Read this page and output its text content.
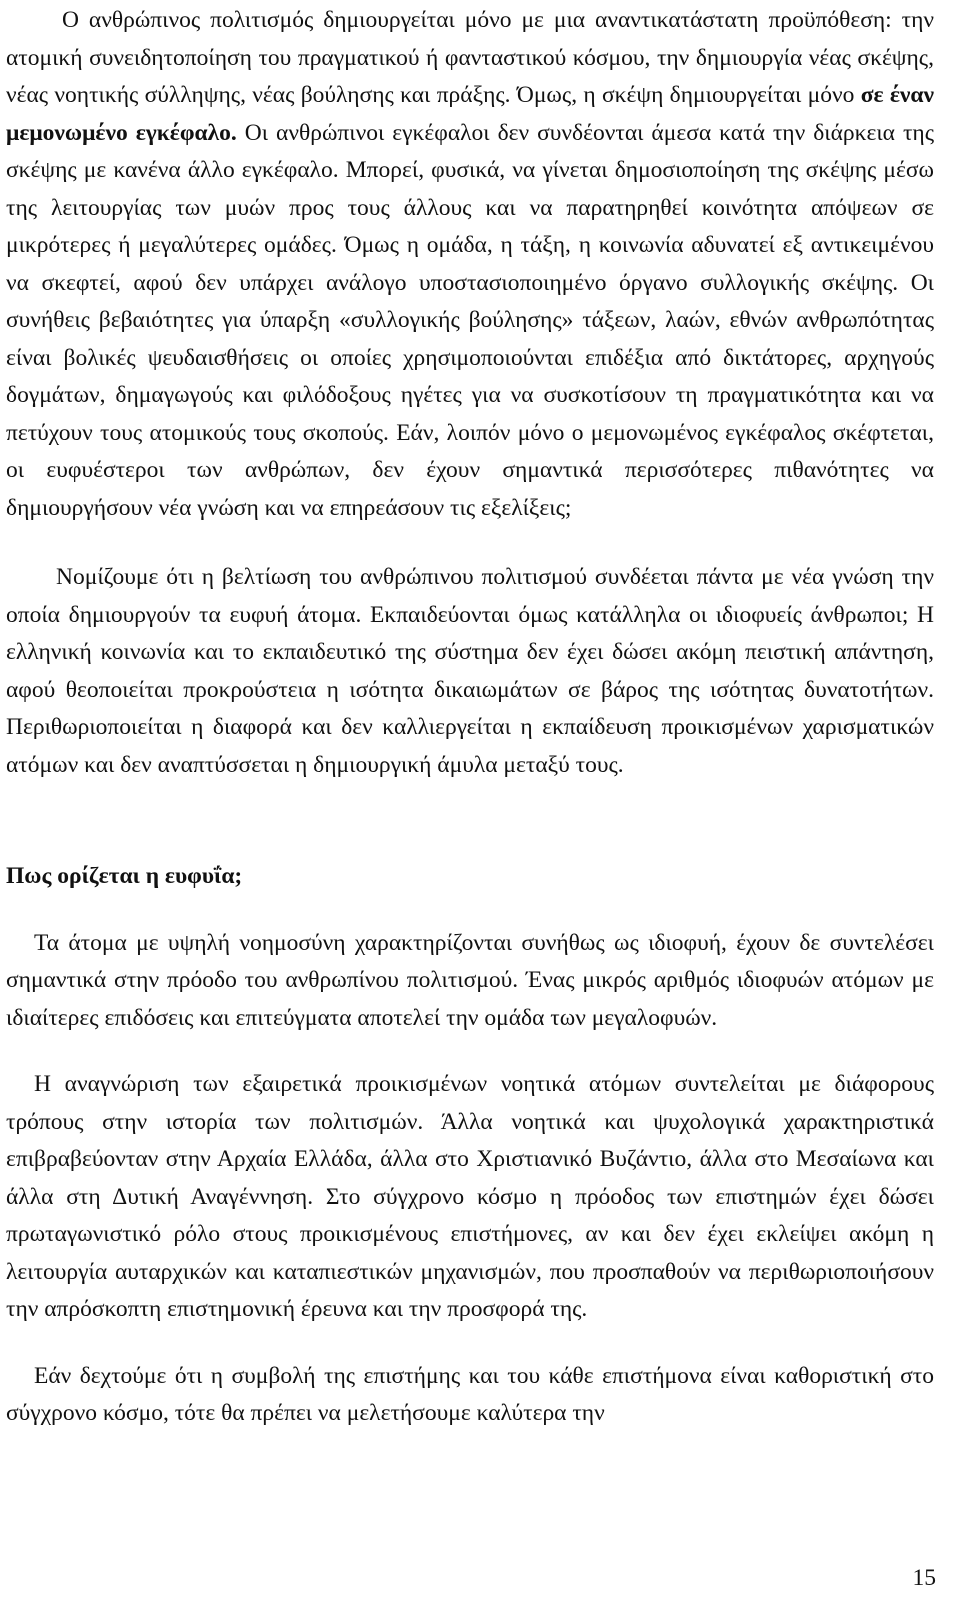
Ο ανθρώπινος πολιτισμός δημιουργείται μόνο με μια αναντικατάστατη προϋπόθεση: την ατομική συνειδητοποίηση του πραγματικού ή φανταστικού κόσμου, την δημιουργία νέας σκέψης, νέας νοητικής σύλληψης, νέας βούλησης και πράξης. Όμως, η σκέψη δημιουργείται μόνο σε έναν μεμονωμένο εγκέφαλο. Οι ανθρώπινοι εγκέφαλοι δεν συνδέονται άμεσα κατά την διάρκεια της σκέψης με κανένα άλλο εγκέφαλο. Μπορεί, φυσικά, να γίνεται δημοσιοποίηση της σκέψης μέσω της λειτουργίας των μυών προς τους άλλους και να παρατηρηθεί κοινότητα απόψεων σε μικρότερες ή μεγαλύτερες ομάδες. Όμως η ομάδα, η τάξη, η κοινωνία αδυνατεί εξ αντικειμένου να σκεφτεί, αφού δεν υπάρχει ανάλογο υποστασιοποιημένο όργανο συλλογικής σκέψης. Οι συνήθεις βεβαιότητες για ύπαρξη «συλλογικής βούλησης» τάξεων, λαών, εθνών ανθρωπότητας είναι βολικές ψευδαισθήσεις οι οποίες χρησιμοποιούνται επιδέξια από δικτάτορες, αρχηγούς δογμάτων, δημαγωγούς και φιλόδοξους ηγέτες για να συσκοτίσουν τη πραγματικότητα και να πετύχουν τους ατομικούς τους σκοπούς. Εάν, λοιπόν μόνο ο μεμονωμένος εγκέφαλος σκέφτεται, οι ευφυέστεροι των ανθρώπων, δεν έχουν σημαντικά περισσότερες πιθανότητες να δημιουργήσουν νέα γνώση και να επηρεάσουν τις εξελίξεις;

Νομίζουμε ότι η βελτίωση του ανθρώπινου πολιτισμού συνδέεται πάντα με νέα γνώση την οποία δημιουργούν τα ευφυή άτομα. Εκπαιδεύονται όμως κατάλληλα οι ιδιοφυείς άνθρωποι; Η ελληνική κοινωνία και το εκπαιδευτικό της σύστημα δεν έχει δώσει ακόμη πειστική απάντηση, αφού θεοποιείται προκρούστεια η ισότητα δικαιωμάτων σε βάρος της ισότητας δυνατοτήτων. Περιθωριοποιείται η διαφορά και δεν καλλιεργείται η εκπαίδευση προικισμένων χαρισματικών ατόμων και δεν αναπτύσσεται η δημιουργική άμυλα μεταξύ τους.

Πως ορίζεται η ευφυΐα;

Τα άτομα με υψηλή νοημοσύνη χαρακτηρίζονται συνήθως ως ιδιοφυή, έχουν δε συντελέσει σημαντικά στην πρόοδο του ανθρωπίνου πολιτισμού. Ένας μικρός αριθμός ιδιοφυών ατόμων με ιδιαίτερες επιδόσεις και επιτεύγματα αποτελεί την ομάδα των μεγαλοφυών.

Η αναγνώριση των εξαιρετικά προικισμένων νοητικά ατόμων συντελείται με διάφορους τρόπους στην ιστορία των πολιτισμών. Άλλα νοητικά και ψυχολογικά χαρακτηριστικά επιβραβεύονταν στην Αρχαία Ελλάδα, άλλα στο Χριστιανικό Βυζάντιο, άλλα στο Μεσαίωνα και άλλα στη Δυτική Αναγέννηση. Στο σύγχρονο κόσμο η πρόοδος των επιστημών έχει δώσει πρωταγωνιστικό ρόλο στους προικισμένους επιστήμονες, αν και δεν έχει εκλείψει ακόμη η λειτουργία αυταρχικών και καταπιεστικών μηχανισμών, που προσπαθούν να περιθωριοποιήσουν την απρόσκοπτη επιστημονική έρευνα και την προσφορά της.

Εάν δεχτούμε ότι η συμβολή της επιστήμης και του κάθε επιστήμονα είναι καθοριστική στο σύγχρονο κόσμο, τότε θα πρέπει να μελετήσουμε καλύτερα την

15
